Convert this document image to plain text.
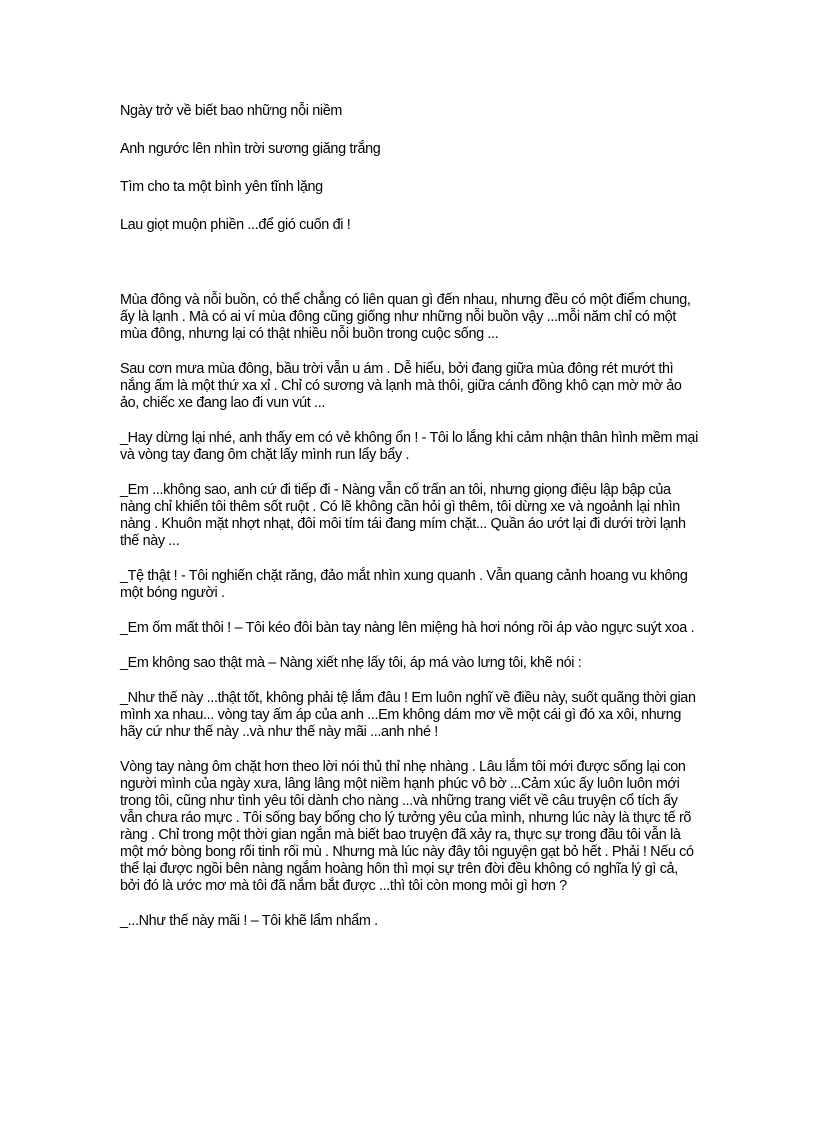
Ngày trở về biết bao những nỗi niềm

Anh ngước lên nhìn trời sương giăng trắng

Tìm cho ta một bình yên tĩnh lặng

Lau giọt muộn phiền ...để gió cuốn đi !

Mùa đông và nỗi buồn, có thể chẳng có liên quan gì đến nhau, nhưng đều có một điểm chung, ấy là lạnh . Mà có ai ví mùa đông cũng giống như những nỗi buồn vậy ...mỗi năm chỉ có một mùa đông, nhưng lại có thật nhiều nỗi buồn trong cuộc sống ...

Sau cơn mưa mùa đông, bầu trời vẫn u ám . Dễ hiểu, bởi đang giữa mùa đông rét mướt thì nắng ấm là một thứ xa xỉ . Chỉ có sương và lạnh mà thôi, giữa cánh đồng khô cạn mờ mờ ảo ảo, chiếc xe đang lao đi vun vút ...

_Hay dừng lại nhé, anh thấy em có vẻ không ổn ! - Tôi lo lắng khi cảm nhận thân hình mềm mại và vòng tay đang ôm chặt lấy mình run lẩy bẩy .

_Em ...không sao, anh cứ đi tiếp đi - Nàng vẫn cố trấn an tôi, nhưng giọng điệu lập bập của nàng chỉ khiến tôi thêm sốt ruột . Có lẽ không cần hỏi gì thêm, tôi dừng xe và ngoảnh lại nhìn nàng . Khuôn mặt nhợt nhạt, đôi môi tím tái đang mím chặt... Quần áo ướt lại đi dưới trời lạnh thế này ...

_Tệ thật ! - Tôi nghiến chặt răng, đảo mắt nhìn xung quanh . Vẫn quang cảnh hoang vu không một bóng người .

_Em ốm mất thôi ! – Tôi kéo đôi bàn tay nàng lên miệng hà hơi nóng rồi áp vào ngực suýt xoa .

_Em không sao thật mà – Nàng xiết nhẹ lấy tôi, áp má vào lưng tôi, khẽ nói :

_Như thế này ...thật tốt, không phải tệ lắm đâu ! Em luôn nghĩ về điều này, suốt quãng thời gian mình xa nhau... vòng tay ấm áp của anh ...Em không dám mơ về một cái gì đó xa xôi, nhưng hãy cứ như thế này ..và như thế này mãi ...anh nhé !

Vòng tay nàng ôm chặt hơn theo lời nói thủ thỉ nhẹ nhàng . Lâu lắm tôi mới được sống lại con người mình của ngày xưa, lâng lâng một niềm hạnh phúc vô bờ ...Cảm xúc ấy luôn luôn mới trong tôi, cũng như tình yêu tôi dành cho nàng ...và những trang viết về câu truyện cổ tích ấy vẫn chưa ráo mực . Tôi sống bay bổng cho lý tưởng yêu của mình, nhưng lúc này là thực tế rõ ràng . Chỉ trong một thời gian ngắn mà biết bao truyện đã xảy ra, thực sự trong đầu tôi vẫn là một mớ bòng bong rối tinh rối mù . Nhưng mà lúc này đây tôi nguyện gạt bỏ hết . Phải ! Nếu có thể lại được ngồi bên nàng ngắm hoàng hôn thì mọi sự trên đời đều không có nghĩa lý gì cả, bởi đó là ước mơ mà tôi đã nắm bắt được ...thì tôi còn mong mỏi gì hơn ?

_...Như thế này mãi ! – Tôi khẽ lẩm nhẩm .
